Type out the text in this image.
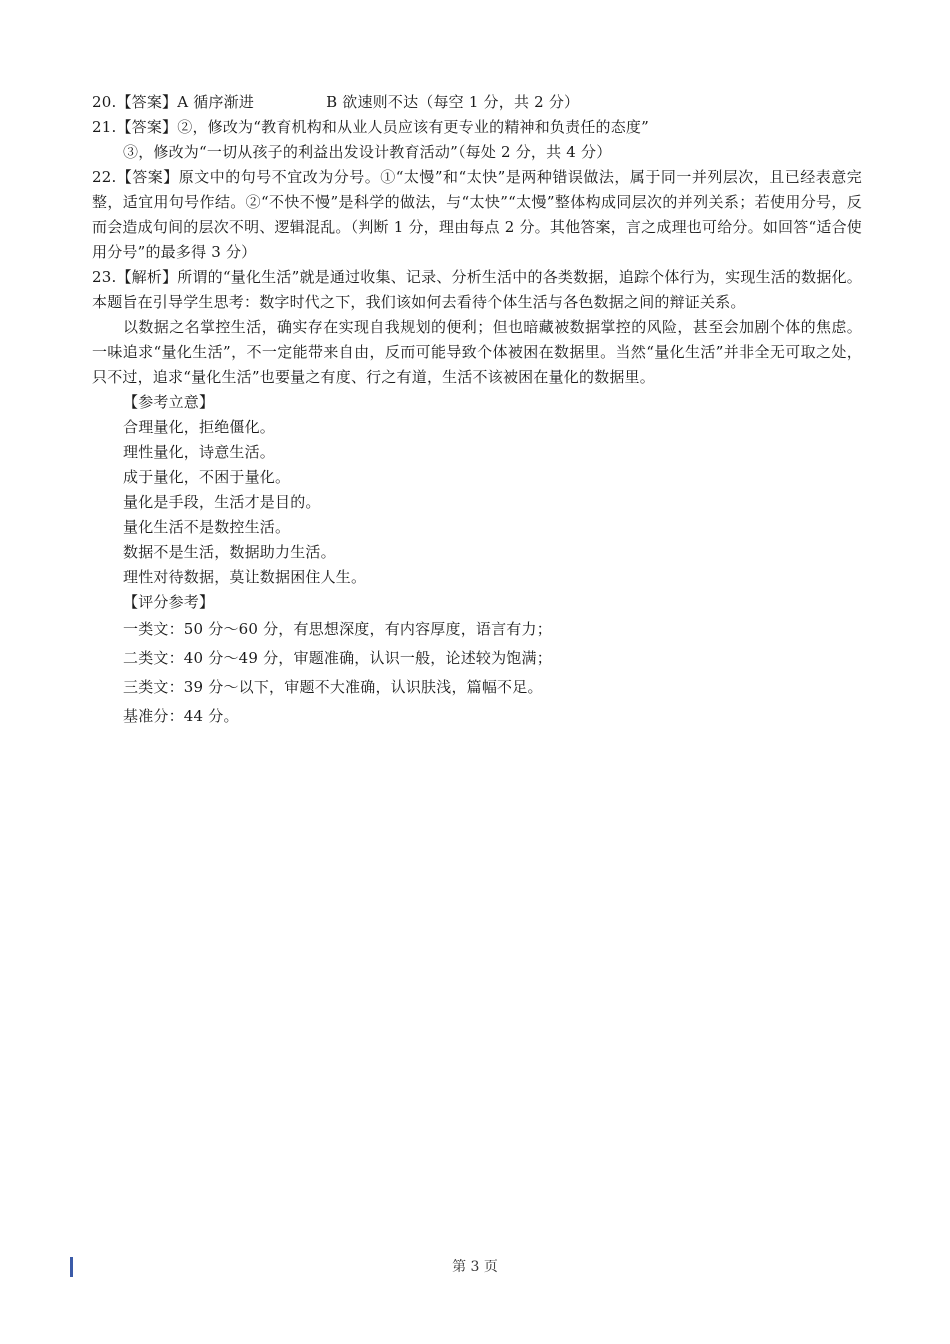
20.【答案】A 循序渐进	B 欲速则不达（每空 1 分，共 2 分）

21.【答案】②，修改为“教育机构和从业人员应该有更专业的精神和负责任的态度”

③，修改为“一切从孩子的利益出发设计教育活动”（每处 2 分，共 4 分）

22.【答案】原文中的句号不宜改为分号。①“太慢”和“太快”是两种错误做法，属于同一并列层次，且已经表意完整，适宜用句号作结。②“不快不慢”是科学的做法，与“太快”“太慢”整体构成同层次的并列关系；若使用分号，反而会造成句间的层次不明、逻辑混乱。（判断 1 分，理由每点 2 分。其他答案，言之成理也可给分。如回答“适合使用分号”的最多得 3 分）

23.【解析】所谓的“量化生活”就是通过收集、记录、分析生活中的各类数据，追踪个体行为，实现生活的数据化。本题旨在引导学生思考：数字时代之下，我们该如何去看待个体生活与各色数据之间的辩证关系。

以数据之名掌控生活，确实存在实现自我规划的便利；但也暗藏被数据掌控的风险，甚至会加剧个体的焦虑。一味追求“量化生活”，不一定能带来自由，反而可能导致个体被困在数据里。当然“量化生活”并非全无可取之处，只不过，追求“量化生活”也要量之有度、行之有道，生活不该被困在量化的数据里。

【参考立意】

合理量化，拒绝僵化。

理性量化，诗意生活。

成于量化，不困于量化。

量化是手段，生活才是目的。

量化生活不是数控生活。

数据不是生活，数据助力生活。

理性对待数据，莫让数据困住人生。

【评分参考】

一类文：50 分～60 分，有思想深度，有内容厚度，语言有力；

二类文：40 分～49 分，审题准确，认识一般，论述较为饱满；

三类文：39 分～以下，审题不大准确，认识肤浅，篇幅不足。

基准分：44 分。

第 3 页
